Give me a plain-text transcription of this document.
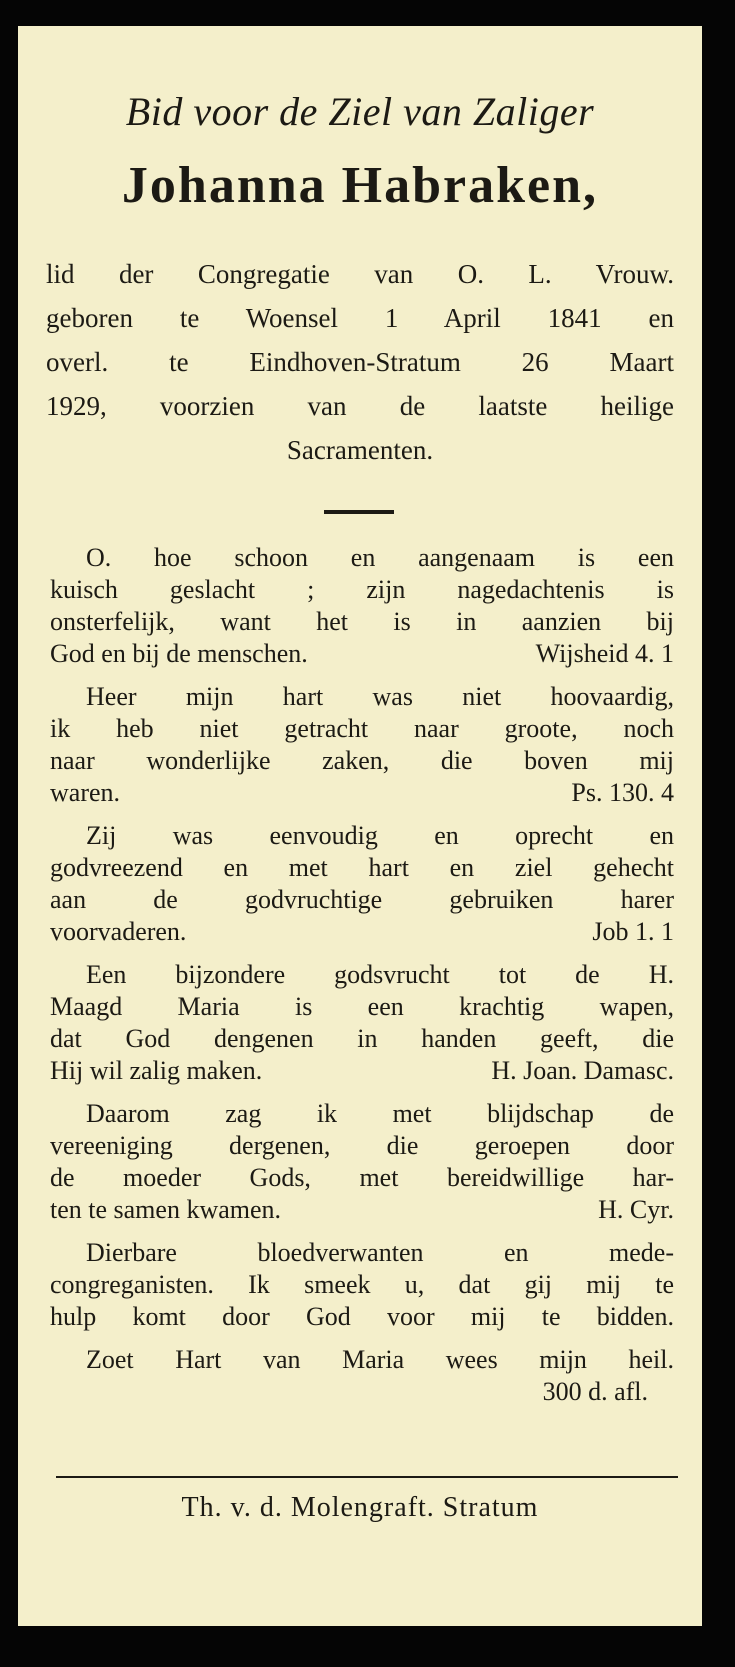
Bid voor de Ziel van Zaliger
Johanna Habraken,
lid der Congregatie van O. L. Vrouw.
geboren te Woensel 1 April 1841 en
overl. te Eindhoven-Stratum 26 Maart
1929, voorzien van de laatste heilige
Sacramenten.
O. hoe schoon en aangenaam is een
kuisch geslacht ; zijn nagedachtenis is
onsterfelijk, want het is in aanzien bij
God en bij de menschen.	Wijsheid 4. 1
Heer mijn hart was niet hoovaardig,
ik heb niet getracht naar groote, noch
naar wonderlijke zaken, die boven mij
waren.	Ps. 130. 4
Zij was eenvoudig en oprecht en
godvreezend en met hart en ziel gehecht
aan de godvruchtige gebruiken harer
voorvaderen.	Job 1. 1
Een bijzondere godsvrucht tot de H.
Maagd Maria is een krachtig wapen,
dat God dengenen in handen geeft, die
Hij wil zalig maken.	H. Joan. Damasc.
Daarom zag ik met blijdschap de
vereeniging dergenen, die geroepen door
de moeder Gods, met bereidwillige har-
ten te samen kwamen.	H. Cyr.
Dierbare bloedverwanten en mede-
congreganisten. Ik smeek u, dat gij mij te
hulp komt door God voor mij te bidden.
Zoet Hart van Maria wees mijn heil.
300 d. afl.
Th. v. d. Molengraft. Stratum
